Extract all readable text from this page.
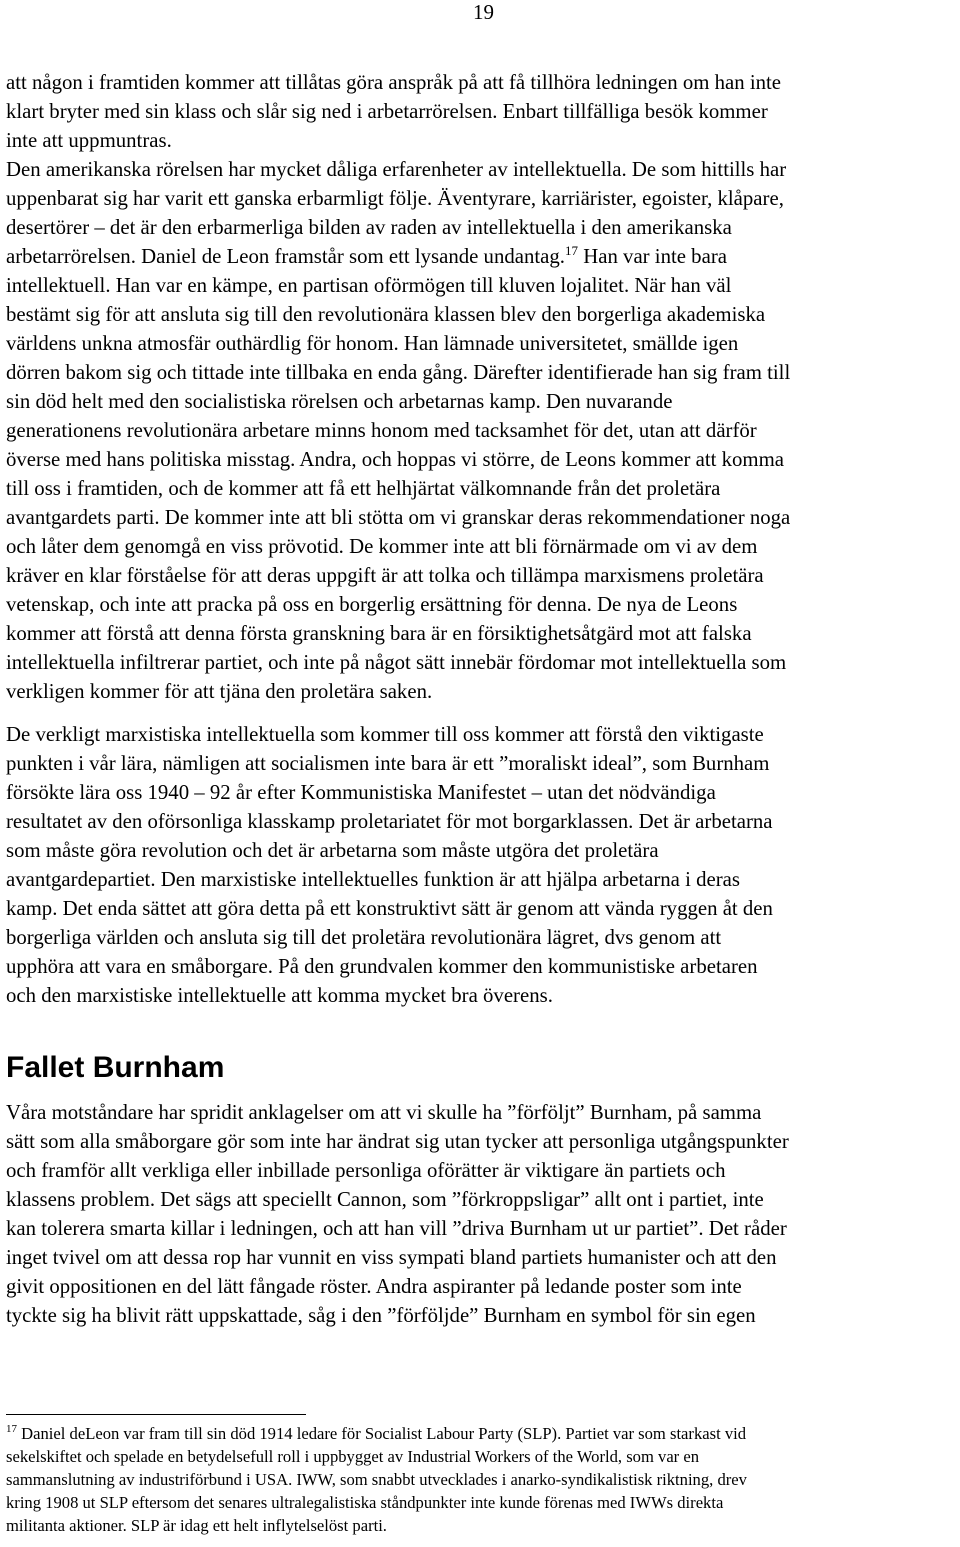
19

att någon i framtiden kommer att tillåtas göra anspråk på att få tillhöra ledningen om han inte
klart bryter med sin klass och slår sig ned i arbetarrörelsen. Enbart tillfälliga besök kommer
inte att uppmuntras.
Den amerikanska rörelsen har mycket dåliga erfarenheter av intellektuella. De som hittills har
uppenbarat sig har varit ett ganska erbarmligt följe. Äventyrare, karriärister, egoister, klåpare,
desertörer – det är den erbarmerliga bilden av raden av intellektuella i den amerikanska
arbetarrörelsen. Daniel de Leon framstår som ett lysande undantag.$^{17}$ Han var inte bara
intellektuell. Han var en kämpe, en partisan oförmögen till kluven lojalitet. När han väl
bestämt sig för att ansluta sig till den revolutionära klassen blev den borgerliga akademiska
världens unkna atmosfär outhärdlig för honom. Han lämnade universitetet, smällde igen
dörren bakom sig och tittade inte tillbaka en enda gång. Därefter identifierade han sig fram till
sin död helt med den socialistiska rörelsen och arbetarnas kamp. Den nuvarande
generationens revolutionära arbetare minns honom med tacksamhet för det, utan att därför
överse med hans politiska misstag. Andra, och hoppas vi större, de Leons kommer att komma
till oss i framtiden, och de kommer att få ett helhjärtat välkomnande från det proletära
avantgardets parti. De kommer inte att bli stötta om vi granskar deras rekommendationer noga
och låter dem genomgå en viss prövotid. De kommer inte att bli förnärmade om vi av dem
kräver en klar förståelse för att deras uppgift är att tolka och tillämpa marxismens proletära
vetenskap, och inte att pracka på oss en borgerlig ersättning för denna. De nya de Leons
kommer att förstå att denna första granskning bara är en försiktighetsåtgärd mot att falska
intellektuella infiltrerar partiet, och inte på något sätt innebär fördomar mot intellektuella som
verkligen kommer för att tjäna den proletära saken.

De verkligt marxistiska intellektuella som kommer till oss kommer att förstå den viktigaste
punkten i vår lära, nämligen att socialismen inte bara är ett ”moraliskt ideal”, som Burnham
försökte lära oss 1940 – 92 år efter Kommunistiska Manifestet – utan det nödvändiga
resultatet av den oförsonliga klasskamp proletariatet för mot borgarklassen. Det är arbetarna
som måste göra revolution och det är arbetarna som måste utgöra det proletära
avantgardepartiet. Den marxistiske intellektuelles funktion är att hjälpa arbetarna i deras
kamp. Det enda sättet att göra detta på ett konstruktivt sätt är genom att vända ryggen åt den
borgerliga världen och ansluta sig till det proletära revolutionära lägret, dvs genom att
upphöra att vara en småborgare. På den grundvalen kommer den kommunistiske arbetaren
och den marxistiske intellektuelle att komma mycket bra överens.

Fallet Burnham

Våra motståndare har spridit anklagelser om att vi skulle ha ”förföljt” Burnham, på samma
sätt som alla småborgare gör som inte har ändrat sig utan tycker att personliga utgångspunkter
och framför allt verkliga eller inbillade personliga oförätter är viktigare än partiets och
klassens problem. Det sägs att speciellt Cannon, som ”förkroppsligar” allt ont i partiet, inte
kan tolerera smarta killar i ledningen, och att han vill ”driva Burnham ut ur partiet”. Det råder
inget tvivel om att dessa rop har vunnit en viss sympati bland partiets humanister och att den
givit oppositionen en del lätt fångade röster. Andra aspiranter på ledande poster som inte
tyckte sig ha blivit rätt uppskattade, såg i den ”förföljde” Burnham en symbol för sin egen

$^{17}$ Daniel deLeon var fram till sin död 1914 ledare för Socialist Labour Party (SLP). Partiet var som starkast vid
sekelskiftet och spelade en betydelsefull roll i uppbygget av Industrial Workers of the World, som var en
sammanslutning av industriförbund i USA. IWW, som snabbt utvecklades i anarko-syndikalistisk riktning, drev
kring 1908 ut SLP eftersom det senares ultralegalistiska ståndpunkter inte kunde förenas med IWWs direkta
militanta aktioner. SLP är idag ett helt inflytelselöst parti.
